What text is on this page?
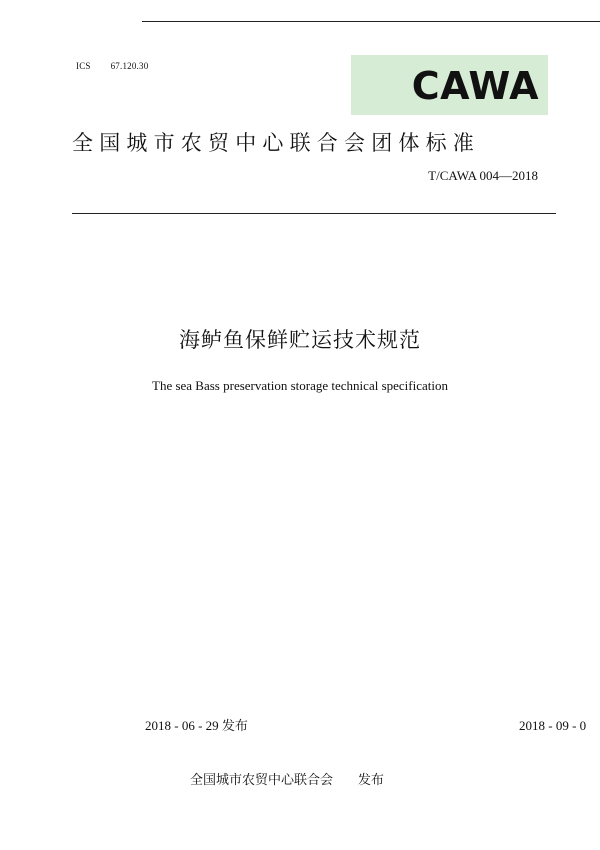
ICS 67.120.30	CAWA
全国城市农贸中心联合会团体标准
T/CAWA 004—2018
海鲈鱼保鲜贮运技术规范
The sea Bass preservation storage technical specification
2018 - 06 - 29 发布	2018 - 09 - 0
全国城市农贸中心联合会 发布
